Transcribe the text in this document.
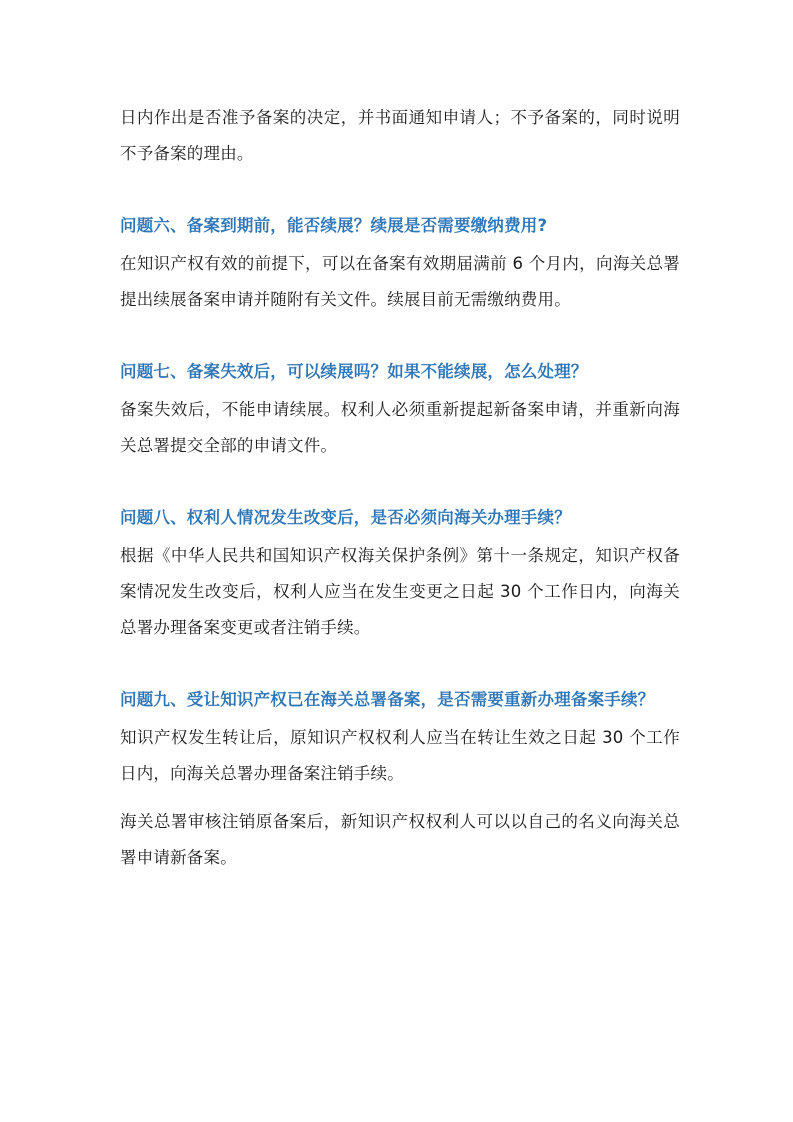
日内作出是否准予备案的决定，并书面通知申请人；不予备案的，同时说明不予备案的理由。

问题六、备案到期前，能否续展？续展是否需要缴纳费用?

在知识产权有效的前提下，可以在备案有效期届满前 6 个月内，向海关总署提出续展备案申请并随附有关文件。续展目前无需缴纳费用。

问题七、备案失效后，可以续展吗？如果不能续展，怎么处理？

备案失效后，不能申请续展。权利人必须重新提起新备案申请，并重新向海关总署提交全部的申请文件。

问题八、权利人情况发生改变后，是否必须向海关办理手续？

根据《中华人民共和国知识产权海关保护条例》第十一条规定，知识产权备案情况发生改变后，权利人应当在发生变更之日起 30 个工作日内，向海关总署办理备案变更或者注销手续。

问题九、受让知识产权已在海关总署备案，是否需要重新办理备案手续？

知识产权发生转让后，原知识产权权利人应当在转让生效之日起 30 个工作日内，向海关总署办理备案注销手续。

海关总署审核注销原备案后，新知识产权权利人可以以自己的名义向海关总署申请新备案。
